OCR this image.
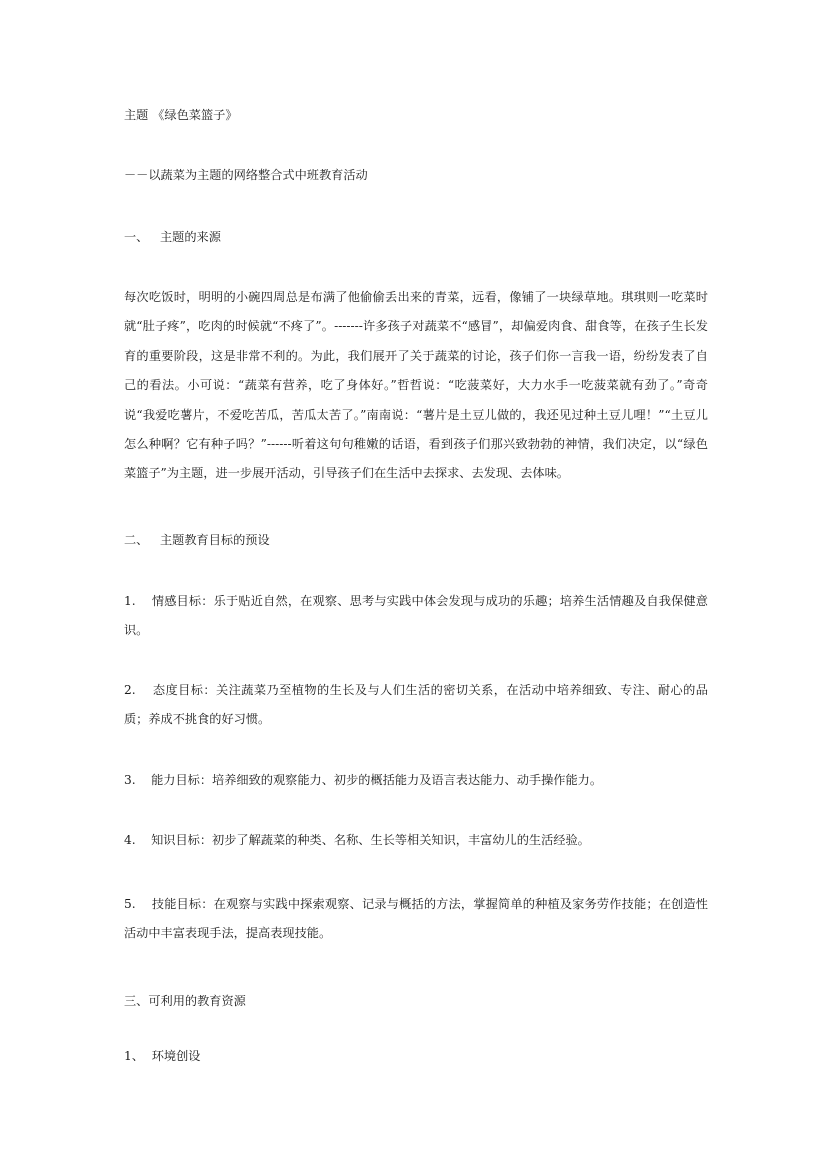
主题 《绿色菜篮子》
－－以蔬菜为主题的网络整合式中班教育活动
一、   主题的来源
每次吃饭时，明明的小碗四周总是布满了他偷偷丢出来的青菜，远看，像铺了一块绿草地。琪琪则一吃菜时就“肚子疼”，吃肉的时候就“不疼了”。-------许多孩子对蔬菜不“感冒”，却偏爱肉食、甜食等，在孩子生长发育的重要阶段，这是非常不利的。为此，我们展开了关于蔬菜的讨论，孩子们你一言我一语，纷纷发表了自己的看法。小可说：“蔬菜有营养，吃了身体好。”哲哲说：“吃菠菜好，大力水手一吃菠菜就有劲了。”奇奇说“我爱吃薯片，不爱吃苦瓜，苦瓜太苦了。”南南说：“薯片是土豆儿做的，我还见过种土豆儿哩！”“土豆儿怎么种啊？它有种子吗？”------听着这句句稚嫩的话语，看到孩子们那兴致勃勃的神情，我们决定，以“绿色菜篮子”为主题，进一步展开活动，引导孩子们在生活中去探求、去发现、去体味。
二、   主题教育目标的预设
1.    情感目标：乐于贴近自然，在观察、思考与实践中体会发现与成功的乐趣；培养生活情趣及自我保健意识。
2.    态度目标：关注蔬菜乃至植物的生长及与人们生活的密切关系，在活动中培养细致、专注、耐心的品质；养成不挑食的好习惯。
3.    能力目标：培养细致的观察能力、初步的概括能力及语言表达能力、动手操作能力。
4.    知识目标：初步了解蔬菜的种类、名称、生长等相关知识，丰富幼儿的生活经验。
5.    技能目标：在观察与实践中探索观察、记录与概括的方法，掌握简单的种植及家务劳作技能；在创造性活动中丰富表现手法，提高表现技能。
三、可利用的教育资源
1、  环境创设
